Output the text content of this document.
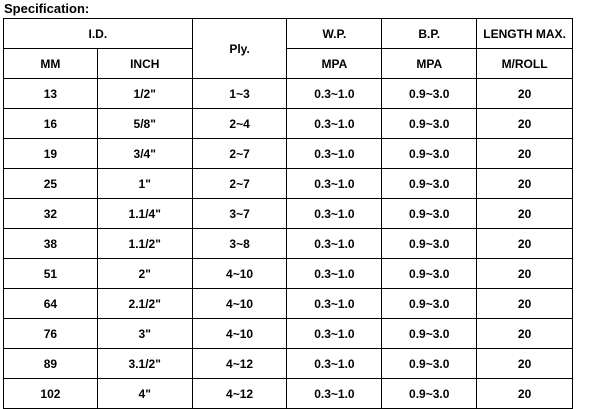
Specification:
I.D.		Ply.	W.P.	B.P.	LENGTH MAX.
MM	INCH		MPA	MPA	M/ROLL
13	1/2"	1~3	0.3~1.0	0.9~3.0	20
16	5/8"	2~4	0.3~1.0	0.9~3.0	20
19	3/4"	2~7	0.3~1.0	0.9~3.0	20
25	1"	2~7	0.3~1.0	0.9~3.0	20
32	1.1/4"	3~7	0.3~1.0	0.9~3.0	20
38	1.1/2"	3~8	0.3~1.0	0.9~3.0	20
51	2"	4~10	0.3~1.0	0.9~3.0	20
64	2.1/2"	4~10	0.3~1.0	0.9~3.0	20
76	3"	4~10	0.3~1.0	0.9~3.0	20
89	3.1/2"	4~12	0.3~1.0	0.9~3.0	20
102	4"	4~12	0.3~1.0	0.9~3.0	20
